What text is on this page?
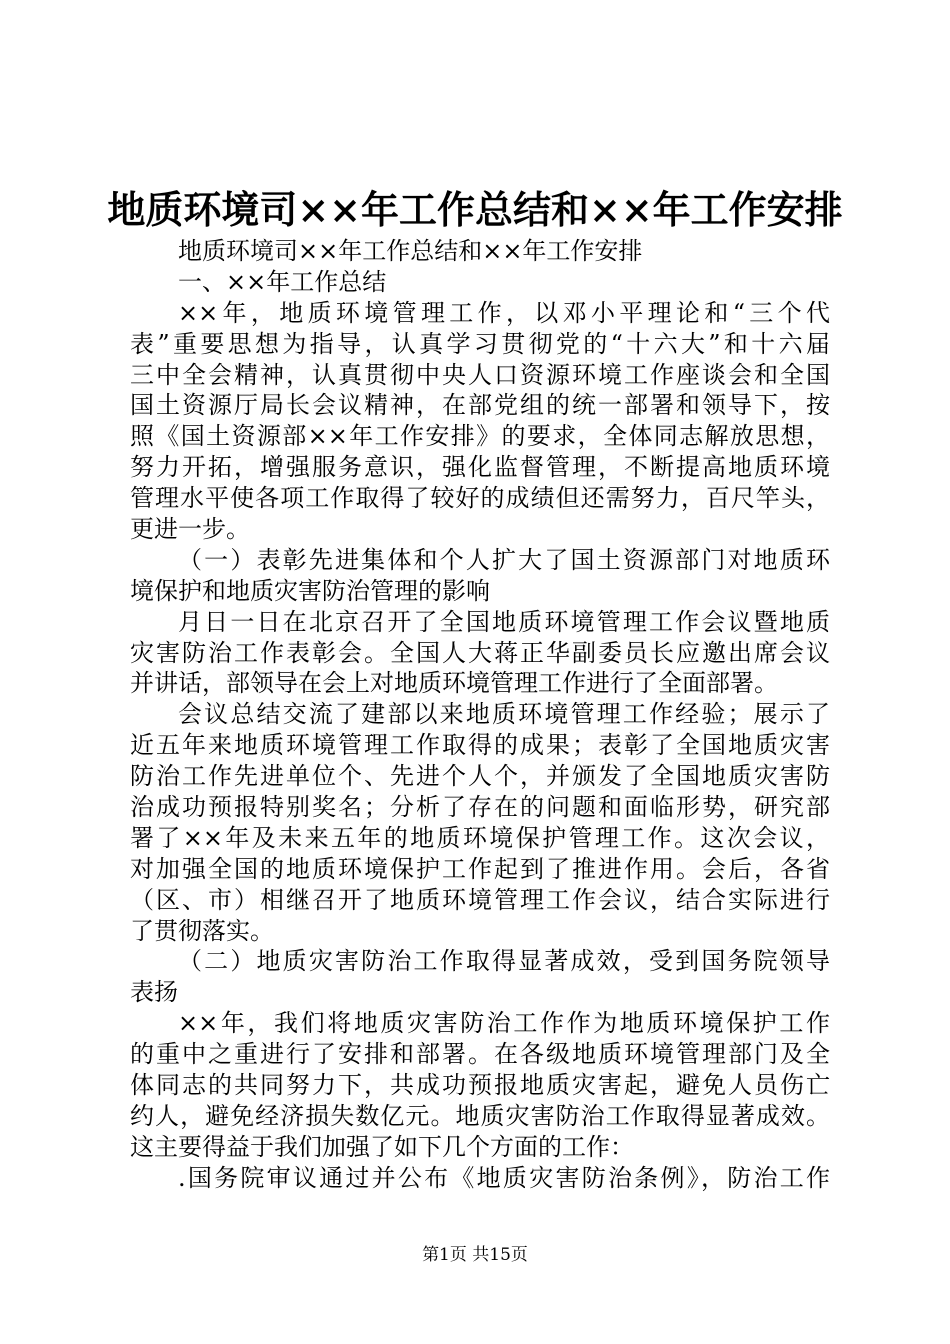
地质环境司××年工作总结和××年工作安排
地质环境司××年工作总结和××年工作安排
一、××年工作总结
××年，地质环境管理工作，以邓小平理论和“三个代
表”重要思想为指导，认真学习贯彻党的“十六大”和十六届
三中全会精神，认真贯彻中央人口资源环境工作座谈会和全国
国土资源厅局长会议精神，在部党组的统一部署和领导下，按
照《国土资源部××年工作安排》的要求，全体同志解放思想，
努力开拓，增强服务意识，强化监督管理，不断提高地质环境
管理水平使各项工作取得了较好的成绩但还需努力，百尺竿头，
更进一步。
（一）表彰先进集体和个人扩大了国土资源部门对地质环
境保护和地质灾害防治管理的影响
月日一日在北京召开了全国地质环境管理工作会议暨地质
灾害防治工作表彰会。全国人大蒋正华副委员长应邀出席会议
并讲话，部领导在会上对地质环境管理工作进行了全面部署。
会议总结交流了建部以来地质环境管理工作经验；展示了
近五年来地质环境管理工作取得的成果；表彰了全国地质灾害
防治工作先进单位个、先进个人个，并颁发了全国地质灾害防
治成功预报特别奖名；分析了存在的问题和面临形势，研究部
署了××年及未来五年的地质环境保护管理工作。这次会议，
对加强全国的地质环境保护工作起到了推进作用。会后，各省
（区、市）相继召开了地质环境管理工作会议，结合实际进行
了贯彻落实。
（二）地质灾害防治工作取得显著成效，受到国务院领导
表扬
××年，我们将地质灾害防治工作作为地质环境保护工作
的重中之重进行了安排和部署。在各级地质环境管理部门及全
体同志的共同努力下，共成功预报地质灾害起，避免人员伤亡
约人，避免经济损失数亿元。地质灾害防治工作取得显著成效。
这主要得益于我们加强了如下几个方面的工作：
.国务院审议通过并公布《地质灾害防治条例》，防治工作
第1页 共15页
